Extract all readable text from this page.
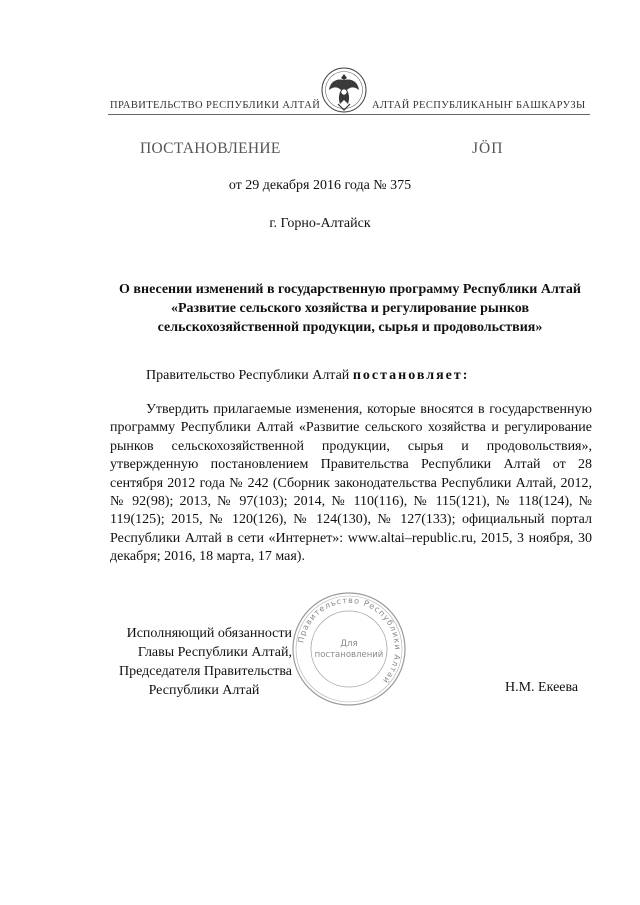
ПРАВИТЕЛЬСТВО РЕСПУБЛИКИ АЛТАЙ	АЛТАЙ РЕСПУБЛИКАНЫҤ БАШКАРУЗЫ
ПОСТАНОВЛЕНИЕ	JÖП
от 29 декабря 2016 года № 375
г. Горно-Алтайск
О внесении изменений в государственную программу Республики Алтай «Развитие сельского хозяйства и регулирование рынков сельскохозяйственной продукции, сырья и продовольствия»
Правительство Республики Алтай постановляет:
Утвердить прилагаемые изменения, которые вносятся в государственную программу Республики Алтай «Развитие сельского хозяйства и регулирование рынков сельскохозяйственной продукции, сырья и продовольствия», утвержденную постановлением Правительства Республики Алтай от 28 сентября 2012 года № 242 (Сборник законодательства Республики Алтай, 2012, № 92(98); 2013, № 97(103); 2014, № 110(116), № 115(121), № 118(124), № 119(125); 2015, № 120(126), № 124(130), № 127(133); официальный портал Республики Алтай в сети «Интернет»: www.altai–republic.ru, 2015, 3 ноября, 30 декабря; 2016, 18 марта, 17 мая).
Правительство Республики Алтай
Для
постановлений
Исполняющий обязанности
Главы Республики Алтай,
Председателя Правительства
Республики Алтай	Н.М. Екеева
